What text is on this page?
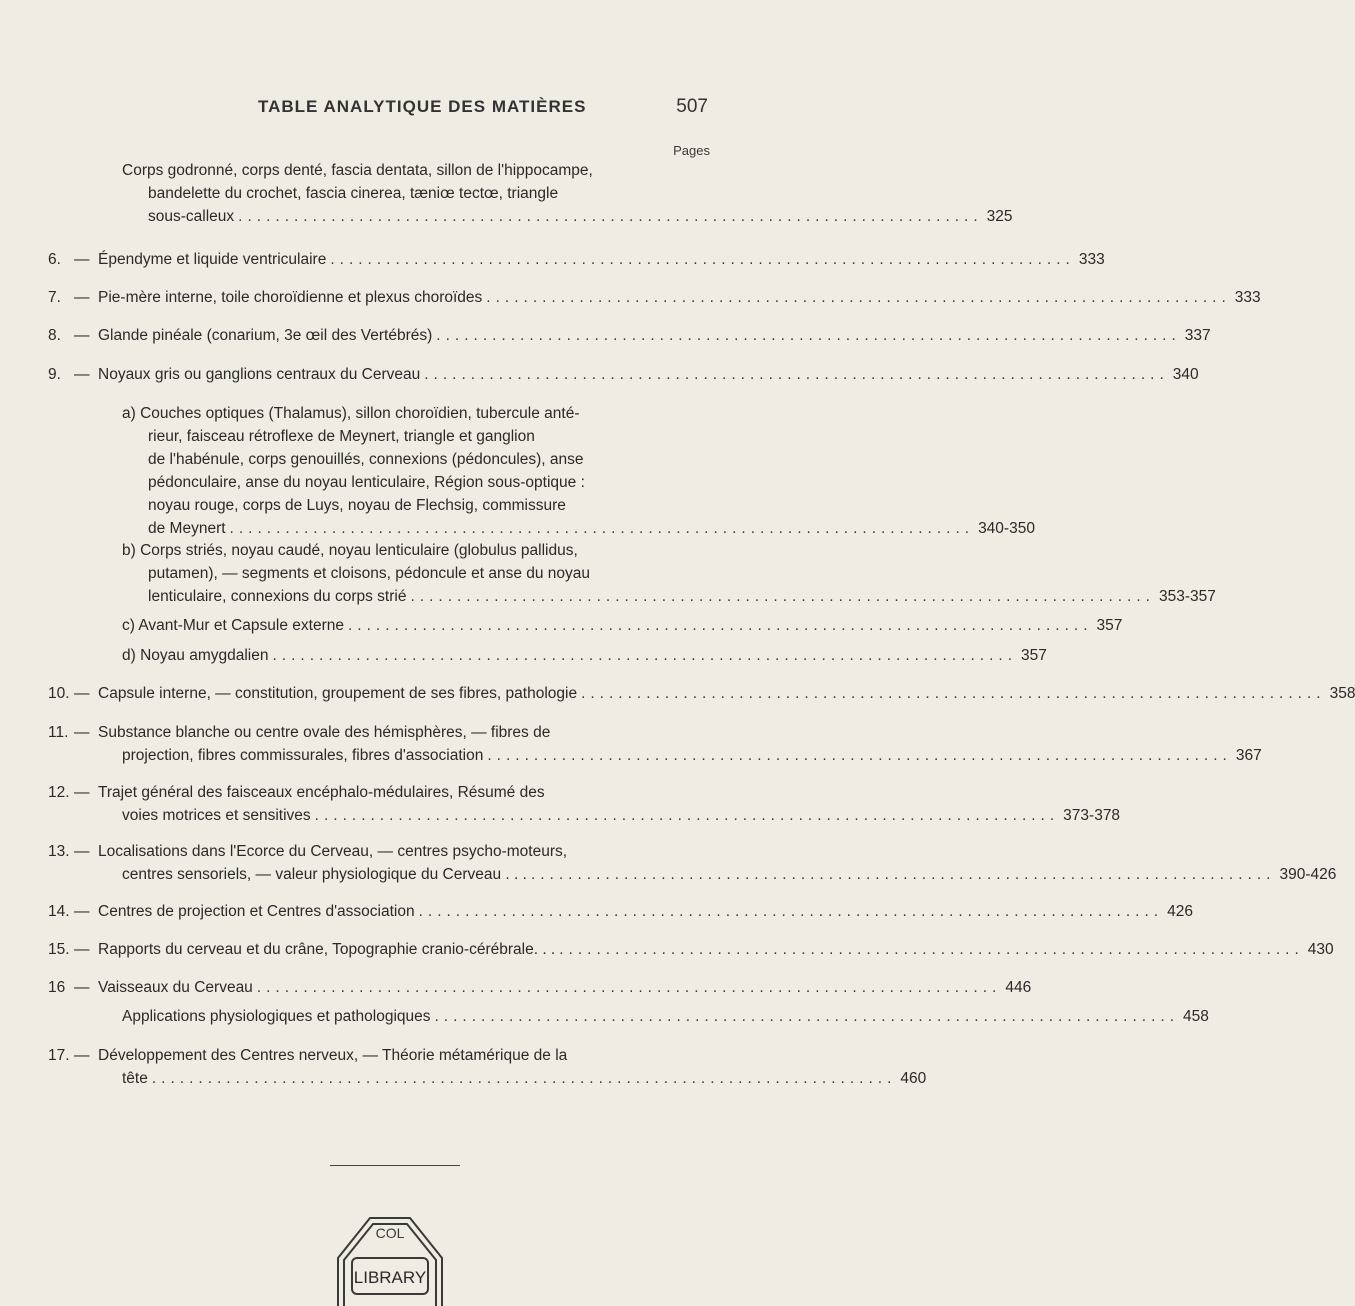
TABLE ANALYTIQUE DES MATIÈRES	507
Pages
Corps godronné, corps denté, fascia dentata, sillon de l'hippocampe,
bandelette du crochet, fascia cinerea, tæniœ tectœ, triangle
sous-calleux ................................................................................ 325
6. — Épendyme et liquide ventriculaire ................................................................................ 333
7. — Pie-mère interne, toile choroïdienne et plexus choroïdes ................................................................................ 333
8. — Glande pinéale (conarium, 3e œil des Vertébrés) ................................................................................ 337
9. — Noyaux gris ou ganglions centraux du Cerveau ................................................................................ 340
a) Couches optiques (Thalamus), sillon choroïdien, tubercule anté-
rieur, faisceau rétroflexe de Meynert, triangle et ganglion
de l'habénule, corps genouillés, connexions (pédoncules), anse
pédonculaire, anse du noyau lenticulaire, Région sous-optique :
noyau rouge, corps de Luys, noyau de Flechsig, commissure
de Meynert ................................................................................ 340-350
b) Corps striés, noyau caudé, noyau lenticulaire (globulus pallidus,
putamen), — segments et cloisons, pédoncule et anse du noyau
lenticulaire, connexions du corps strié ................................................................................ 353-357
c) Avant-Mur et Capsule externe ................................................................................ 357
d) Noyau amygdalien ................................................................................ 357
10. — Capsule interne, — constitution, groupement de ses fibres, pathologie ................................................................................ 358
11. — Substance blanche ou centre ovale des hémisphères, — fibres de
projection, fibres commissurales, fibres d'association ................................................................................ 367
12. — Trajet général des faisceaux encéphalo-médulaires, Résumé des
voies motrices et sensitives ................................................................................ 373-378
13. — Localisations dans l'Ecorce du Cerveau, — centres psycho-moteurs,
centres sensoriels, — valeur physiologique du Cerveau . . . ................................................................................ 390-426
14. — Centres de projection et Centres d'association ................................................................................ 426
15. — Rapports du cerveau et du crâne, Topographie cranio-cérébrale. . . ................................................................................ 430
16 — Vaisseaux du Cerveau ................................................................................ 446
Applications physiologiques et pathologiques ................................................................................ 458
17. — Développement des Centres nerveux, — Théorie métamérique de la
tête ................................................................................ 460
COL
LIBRARY
